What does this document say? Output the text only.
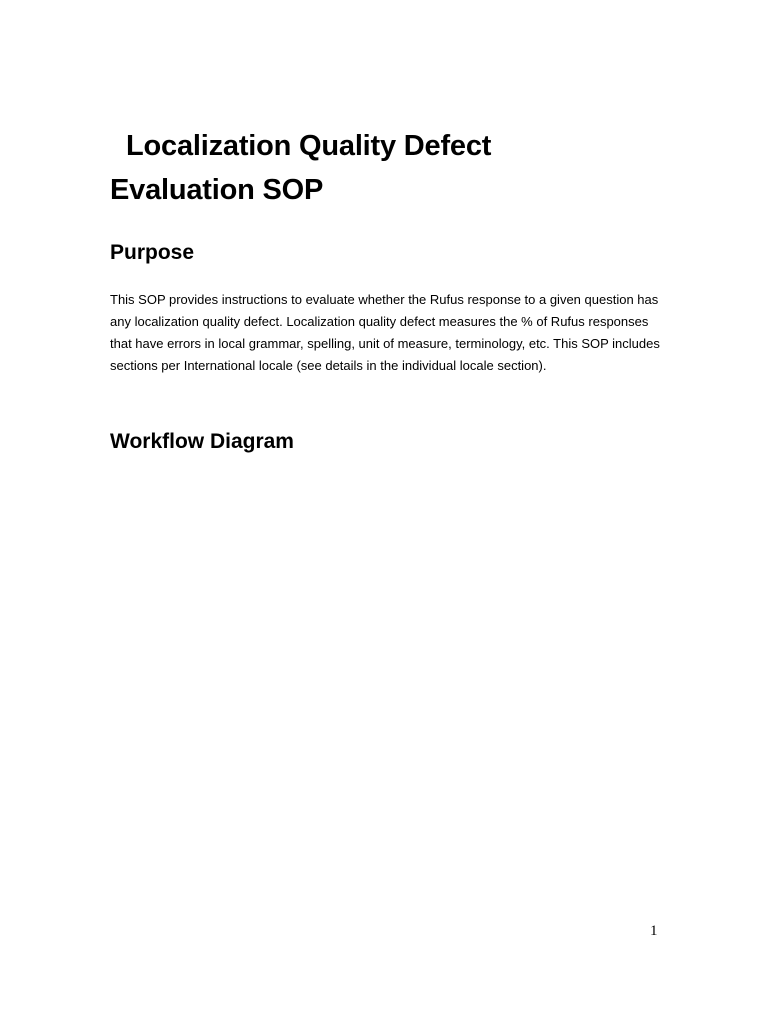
Localization Quality Defect
Evaluation SOP
Purpose

This SOP provides instructions to evaluate whether the Rufus response to a given question has any localization quality defect. Localization quality defect measures the % of Rufus responses that have errors in local grammar, spelling, unit of measure, terminology, etc. This SOP includes sections per International locale (see details in the individual locale section).

Workflow Diagram
1
